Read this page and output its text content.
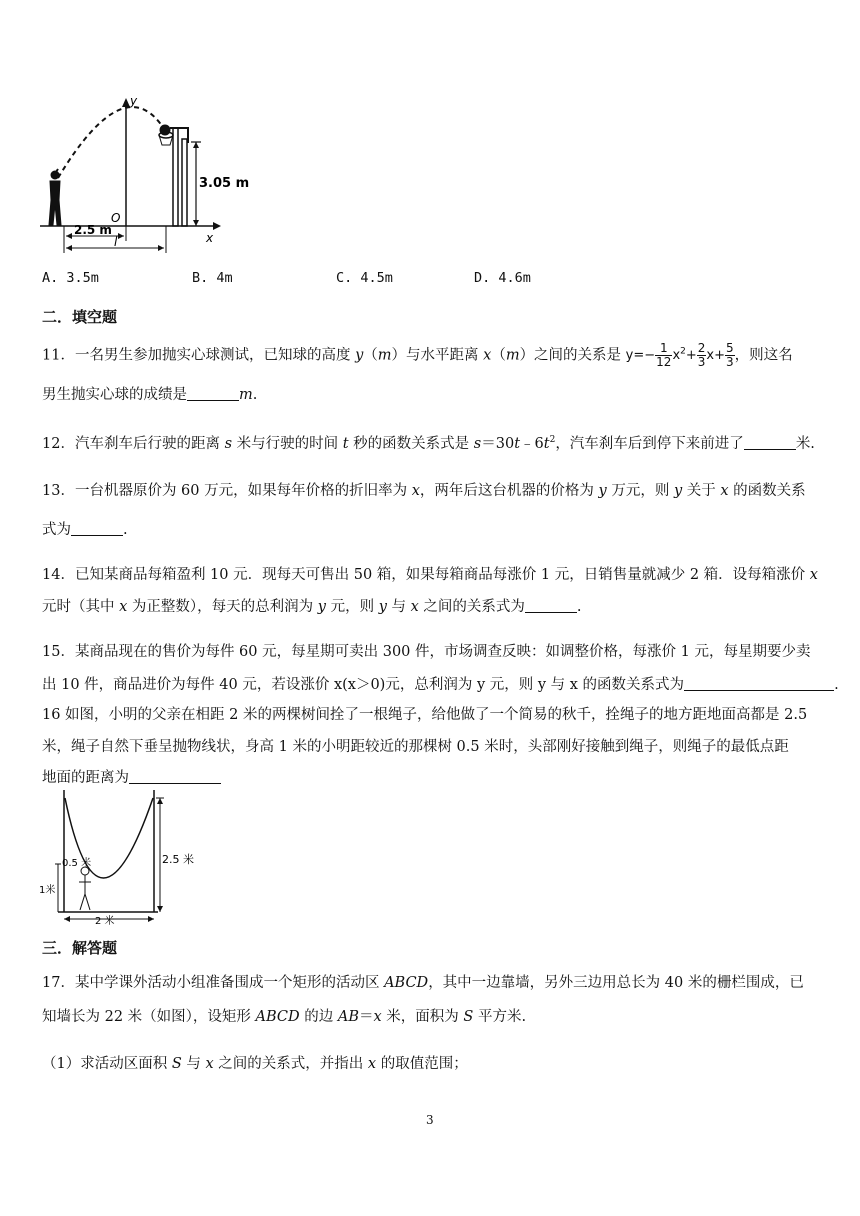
3.05 m
y
O
x
2.5 m
l
A. 3.5m	B. 4m	C. 4.5m	D. 4.6m
二．填空题
11．一名男生参加抛实心球测试，已知球的高度 y（m）与水平距离 x（m）之间的关系是 $y=- \frac{1}{12} x^2+ \frac{2}{3} x+ \frac{5}{3}$ ，则这名
男生抛实心球的成绩是	m.
12．汽车刹车后行驶的距离 s 米与行驶的时间 t 秒的函数关系式是 $s=30t﹣6t^2$，汽车刹车后到停下来前进了	米.
13．一台机器原价为 60 万元，如果每年价格的折旧率为 x，两年后这台机器的价格为 y 万元，则 y 关于 x 的函数关系
式为	.
14．已知某商品每箱盈利 10 元．现每天可售出 50 箱，如果每箱商品每涨价 1 元，日销售量就减少 2 箱．设每箱涨价 x
元时（其中 x 为正整数），每天的总利润为 y 元，则 y 与 x 之间的关系式为	.
15．某商品现在的售价为每件 60 元，每星期可卖出 300 件，市场调查反映：如调整价格，每涨价 1 元，每星期要少卖
出 10 件，商品进价为每件 40 元，若设涨价 x(x＞0)元，总利润为 y 元，则 y 与 x 的函数关系式为	.
16 如图，小明的父亲在相距 2 米的两棵树间拴了一根绳子，给他做了一个简易的秋千，拴绳子的地方距地面高都是 2.5
米，绳子自然下垂呈抛物线状，身高 1 米的小明距较近的那棵树 0.5 米时，头部刚好接触到绳子，则绳子的最低点距
地面的距离为
0.5 米
1米
2.5 米
2 米
三．解答题
17．某中学课外活动小组准备围成一个矩形的活动区 ABCD，其中一边靠墙，另外三边用总长为 40 米的栅栏围成，已
知墙长为 22 米（如图），设矩形 ABCD 的边 AB＝x 米，面积为 S 平方米.
（1）求活动区面积 S 与 x 之间的关系式，并指出 x 的取值范围；
3
